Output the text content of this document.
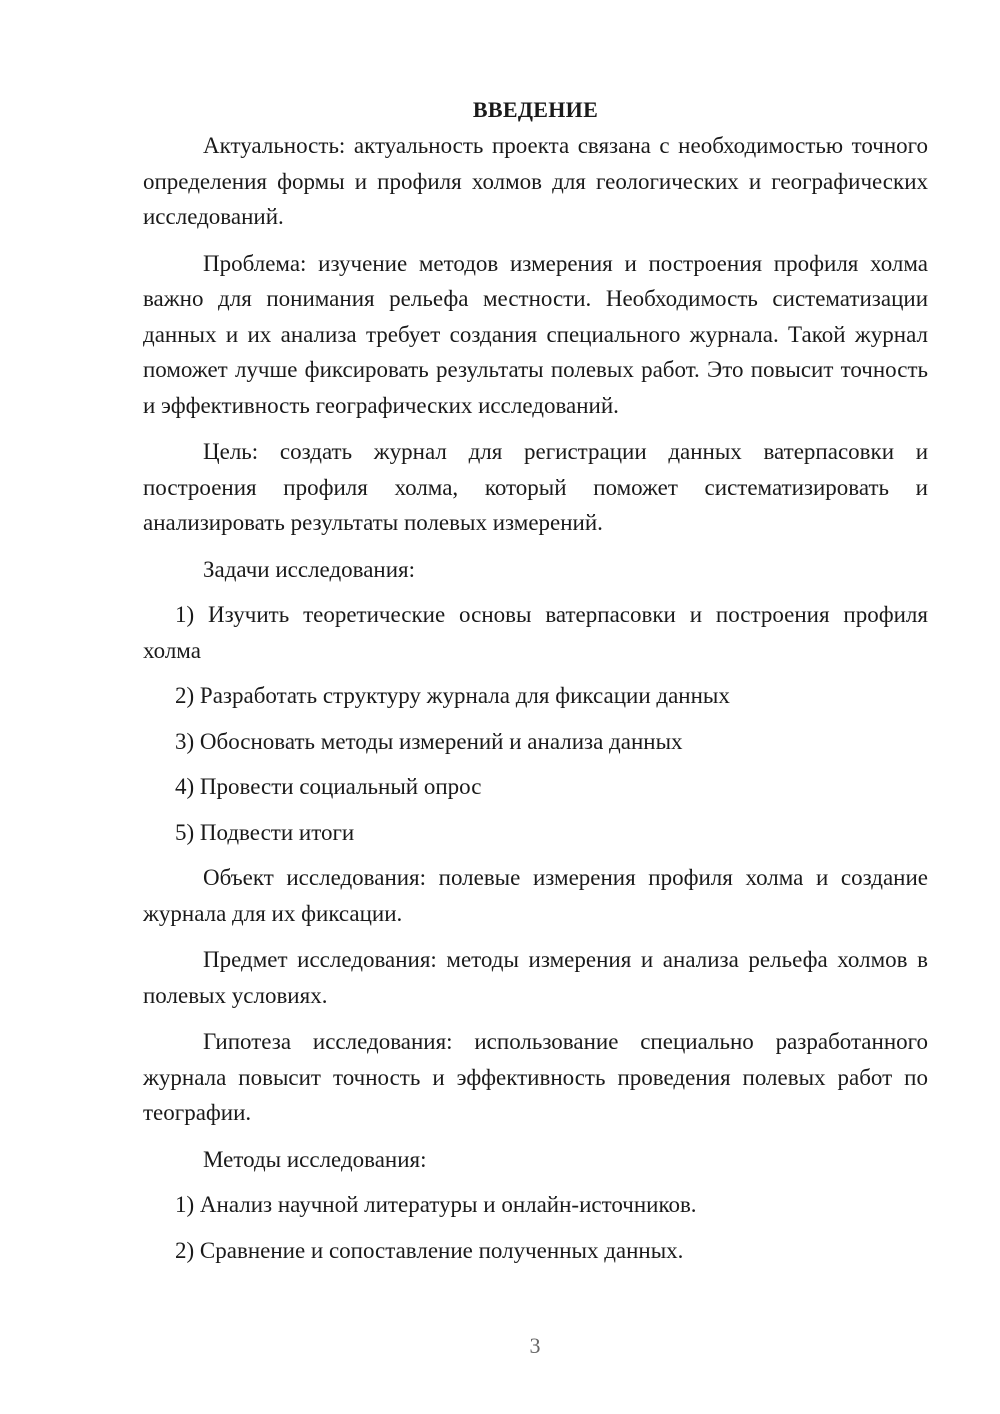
ВВЕДЕНИЕ

Актуальность: актуальность проекта связана с необходимостью точного определения формы и профиля холмов для геологических и географических исследований.

Проблема: изучение методов измерения и построения профиля холма важно для понимания рельефа местности. Необходимость систематизации данных и их анализа требует создания специального журнала. Такой журнал поможет лучше фиксировать результаты полевых работ. Это повысит точность и эффективность географических исследований.

Цель: создать журнал для регистрации данных ватерпасовки и построения профиля холма, который поможет систематизировать и анализировать результаты полевых измерений.

Задачи исследования:

1) Изучить теоретические основы ватерпасовки и построения профиля холма

2) Разработать структуру журнала для фиксации данных

3) Обосновать методы измерений и анализа данных

4) Провести социальный опрос

5) Подвести итоги

Объект исследования: полевые измерения профиля холма и создание журнала для их фиксации.

Предмет исследования: методы измерения и анализа рельефа холмов в полевых условиях.

Гипотеза исследования: использование специально разработанного журнала повысит точность и эффективность проведения полевых работ по теографии.

Методы исследования:

1) Анализ научной литературы и онлайн-источников.

2) Сравнение и сопоставление полученных данных.

3
